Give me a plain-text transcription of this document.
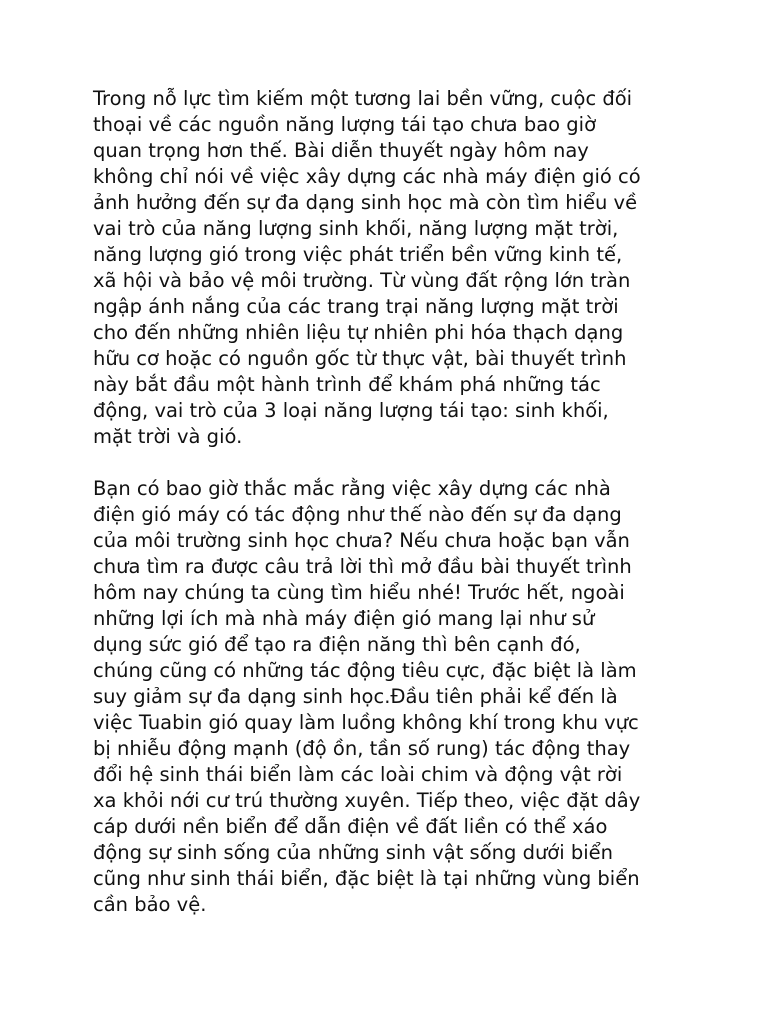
Trong nỗ lực tìm kiếm một tương lai bền vững, cuộc đối
thoại về các nguồn năng lượng tái tạo chưa bao giờ
quan trọng hơn thế. Bài diễn thuyết ngày hôm nay
không chỉ nói về việc xây dựng các nhà máy điện gió có
ảnh hưởng đến sự đa dạng sinh học mà còn tìm hiểu về
vai trò của năng lượng sinh khối, năng lượng mặt trời,
năng lượng gió trong việc phát triển bền vững kinh tế,
xã hội và bảo vệ môi trường. Từ vùng đất rộng lớn tràn
ngập ánh nắng của các trang trại năng lượng mặt trời
cho đến những nhiên liệu tự nhiên phi hóa thạch dạng
hữu cơ hoặc có nguồn gốc từ thực vật, bài thuyết trình
này bắt đầu một hành trình để khám phá những tác
động, vai trò của 3 loại năng lượng tái tạo: sinh khối,
mặt trời và gió.

Bạn có bao giờ thắc mắc rằng việc xây dựng các nhà
điện gió máy có tác động như thế nào đến sự đa dạng
của môi trường sinh học chưa? Nếu chưa hoặc bạn vẫn
chưa tìm ra được câu trả lời thì mở đầu bài thuyết trình
hôm nay chúng ta cùng tìm hiểu nhé! Trước hết, ngoài
những lợi ích mà nhà máy điện gió mang lại như sử
dụng sức gió để tạo ra điện năng thì bên cạnh đó,
chúng cũng có những tác động tiêu cực, đặc biệt là làm
suy giảm sự đa dạng sinh học.Đầu tiên phải kể đến là
việc Tuabin gió quay làm luồng không khí trong khu vực
bị nhiễu động mạnh (độ ồn, tần số rung) tác động thay
đổi hệ sinh thái biển làm các loài chim và động vật rời
xa khỏi nới cư trú thường xuyên. Tiếp theo, việc đặt dây
cáp dưới nền biển để dẫn điện về đất liền có thể xáo
động sự sinh sống của những sinh vật sống dưới biển
cũng như sinh thái biển, đặc biệt là tại những vùng biển
cần bảo vệ.
